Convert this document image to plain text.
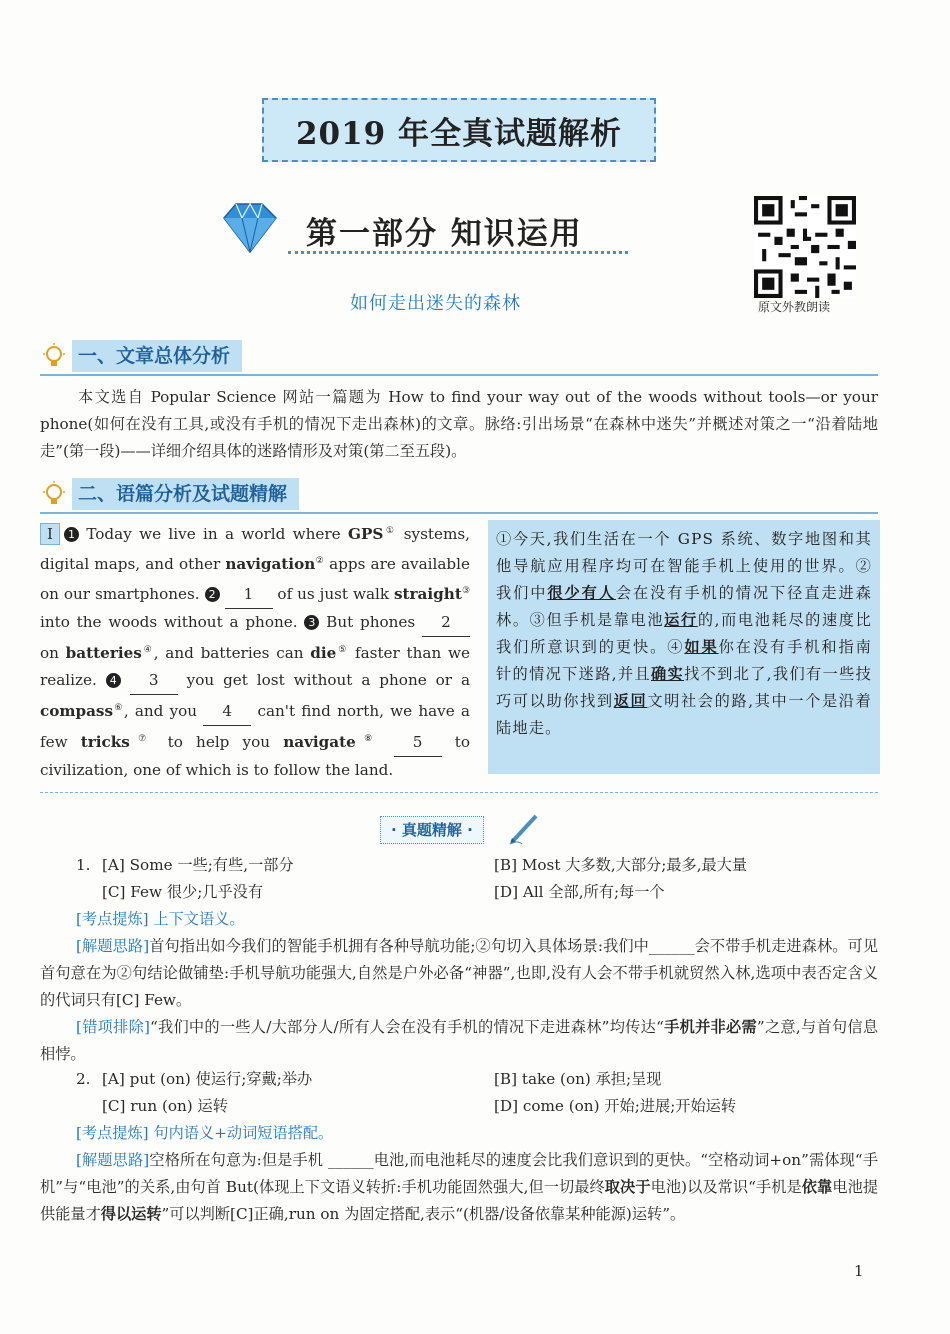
2019 年全真试题解析
第一部分 知识运用
如何走出迷失的森林	原文外教朗读
一、文章总体分析

本文选自 Popular Science 网站一篇题为 How to find your way out of the woods without tools—or your phone(如何在没有工具,或没有手机的情况下走出森林)的文章。脉络:引出场景“在森林中迷失”并概述对策之一“沿着陆地走”(第一段)——详细介绍具体的迷路情形及对策(第二至五段)。

二、语篇分析及试题精解
I 1 Today we live in a world where GPS① systems, digital maps, and other navigation② apps are available on our smartphones. 2 1 of us just walk straight③ into the woods without a phone. 3 But phones 2 on batteries④, and batteries can die⑤ faster than we realize. 4 3 you get lost without a phone or a compass⑥, and you 4 can't find north, we have a few tricks⑦ to help you navigate⑧ 5 to civilization, one of which is to follow the land.

①今天,我们生活在一个 GPS 系统、数字地图和其他导航应用程序均可在智能手机上使用的世界。②我们中很少有人会在没有手机的情况下径直走进森林。③但手机是靠电池运行的,而电池耗尽的速度比我们所意识到的更快。④如果你在没有手机和指南针的情况下迷路,并且确实找不到北了,我们有一些技巧可以助你找到返回文明社会的路,其中一个是沿着陆地走。

· 真题精解 ·
1. [A] Some 一些;有些,一部分	[B] Most 大多数,大部分;最多,最大量
[C] Few 很少;几乎没有	[D] All 全部,所有;每一个
[考点提炼] 上下文语义。
[解题思路]首句指出如今我们的智能手机拥有各种导航功能;②句切入具体场景:我们中______会不带手机走进森林。可见首句意在为②句结论做铺垫:手机导航功能强大,自然是户外必备“神器”,也即,没有人会不带手机就贸然入林,选项中表否定含义的代词只有[C] Few。
[错项排除]“我们中的一些人/大部分人/所有人会在没有手机的情况下走进森林”均传达“手机并非必需”之意,与首句信息相悖。
2. [A] put (on) 使运行;穿戴;举办	[B] take (on) 承担;呈现
[C] run (on) 运转	[D] come (on) 开始;进展;开始运转
[考点提炼] 句内语义+动词短语搭配。
[解题思路]空格所在句意为:但是手机 ______电池,而电池耗尽的速度会比我们意识到的更快。“空格动词+on”需体现“手机”与“电池”的关系,由句首 But(体现上下文语义转折:手机功能固然强大,但一切最终取决于电池)以及常识“手机是依靠电池提供能量才得以运转”可以判断[C]正确,run on 为固定搭配,表示“(机器/设备依靠某种能源)运转”。
1
